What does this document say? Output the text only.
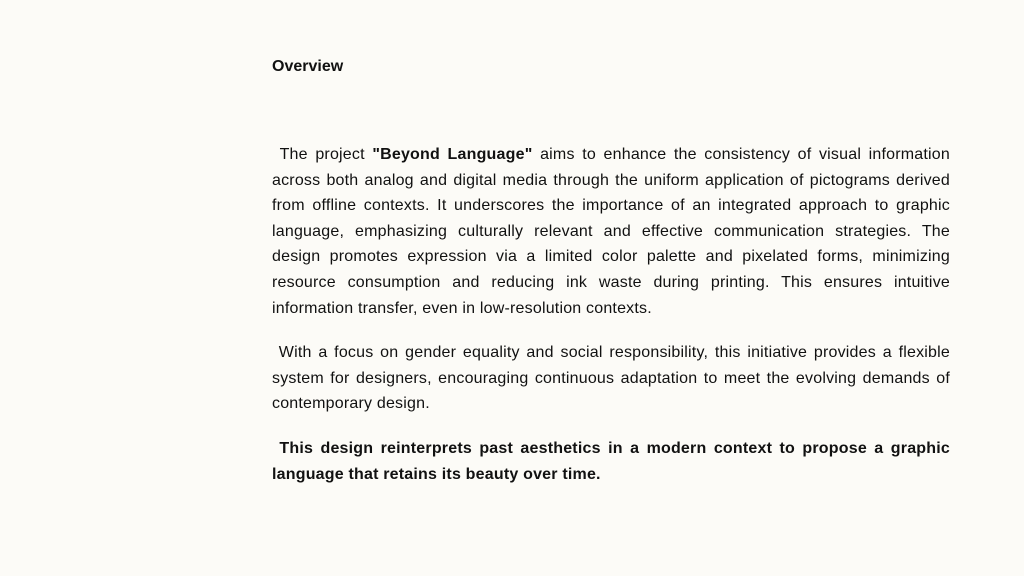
Overview

The project "Beyond Language" aims to enhance the consistency of visual information across both analog and digital media through the uniform application of pictograms derived from offline contexts. It underscores the importance of an integrated approach to graphic language, emphasizing culturally relevant and effective communication strategies. The design promotes expression via a limited color palette and pixelated forms, minimizing resource consumption and reducing ink waste during printing. This ensures intuitive information transfer, even in low-resolution contexts.

With a focus on gender equality and social responsibility, this initiative provides a flexible system for designers, encouraging continuous adaptation to meet the evolving demands of contemporary design.

This design reinterprets past aesthetics in a modern context to propose a graphic language that retains its beauty over time.
